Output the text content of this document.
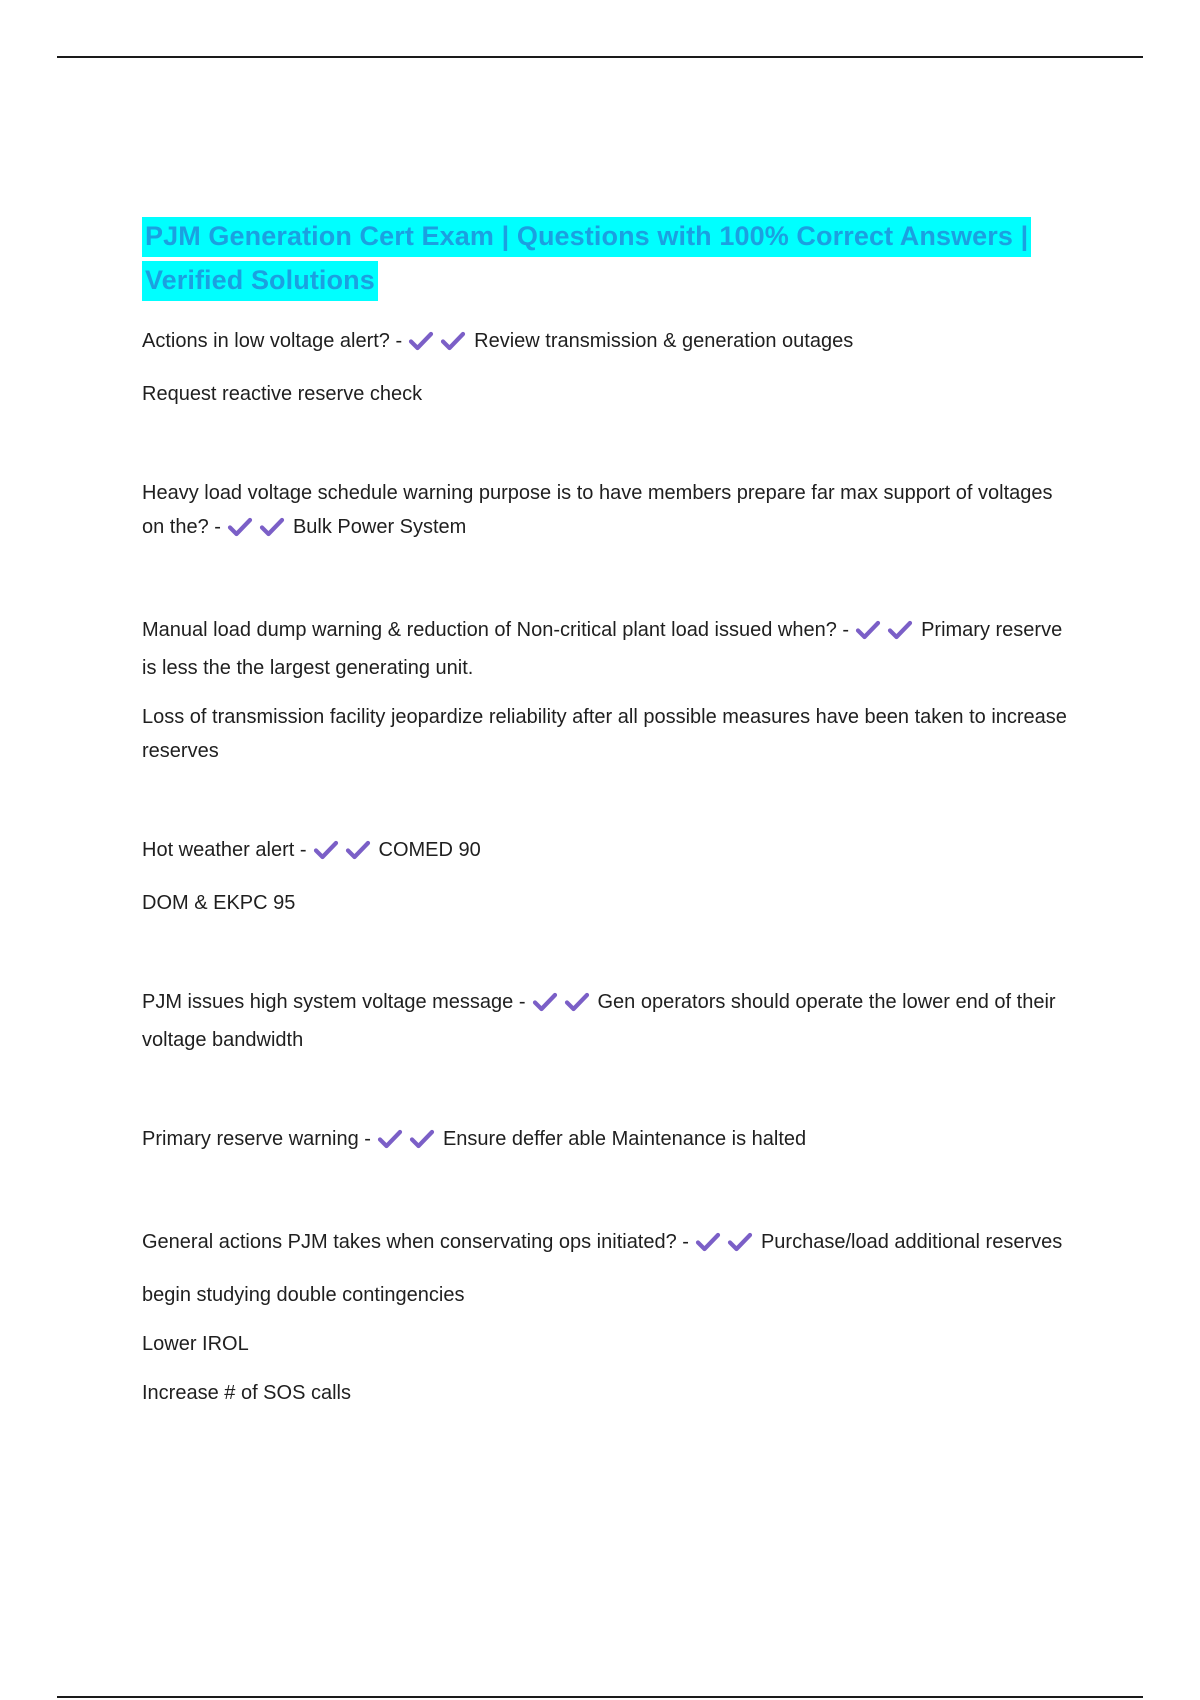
PJM Generation Cert Exam | Questions with 100% Correct Answers | Verified Solutions

Actions in low voltage alert? -	Review transmission & generation outages

Request reactive reserve check

Heavy load voltage schedule warning purpose is to have members prepare far max support of voltages on the? -	Bulk Power System

Manual load dump warning & reduction of Non-critical plant load issued when? -	Primary reserve is less the the largest generating unit.

Loss of transmission facility jeopardize reliability after all possible measures have been taken to increase reserves

Hot weather alert -	COMED 90

DOM & EKPC 95

PJM issues high system voltage message -	Gen operators should operate the lower end of their voltage bandwidth

Primary reserve warning -	Ensure deffer able Maintenance is halted

General actions PJM takes when conservating ops initiated? -	Purchase/load additional reserves

begin studying double contingencies

Lower IROL

Increase # of SOS calls
